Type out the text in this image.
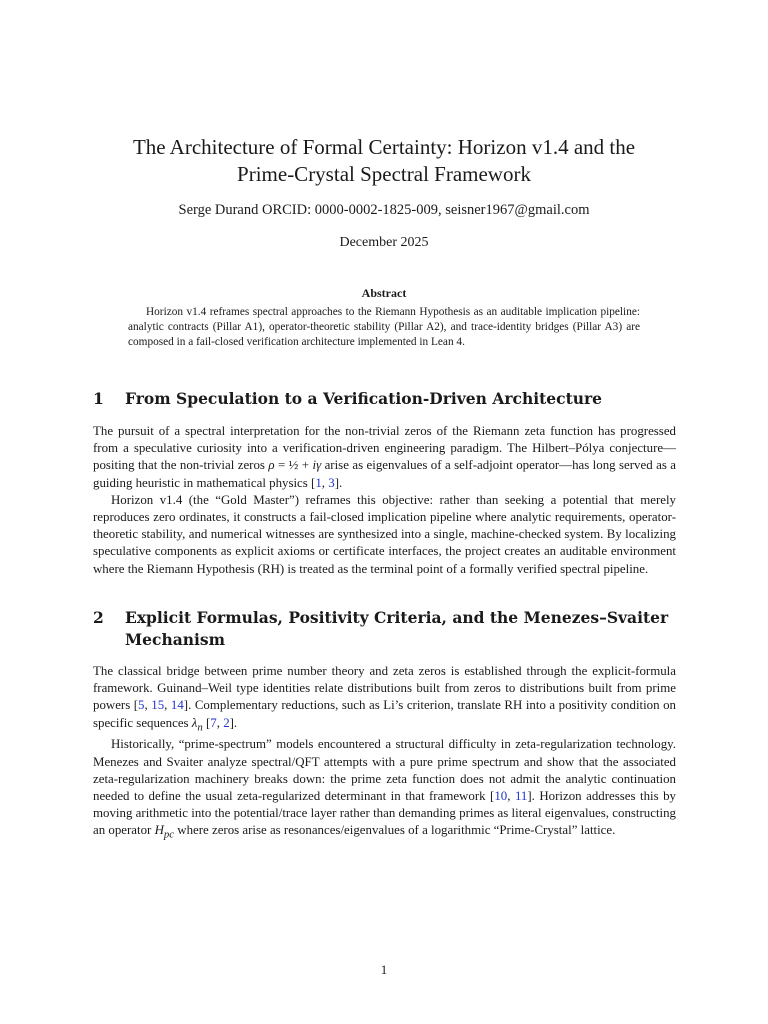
The Architecture of Formal Certainty: Horizon v1.4 and the
Prime-Crystal Spectral Framework
Serge Durand ORCID: 0000-0002-1825-009, seisner1967@gmail.com
December 2025
Abstract
Horizon v1.4 reframes spectral approaches to the Riemann Hypothesis as an auditable implication pipeline: analytic contracts (Pillar A1), operator-theoretic stability (Pillar A2), and trace-identity bridges (Pillar A3) are composed in a fail-closed verification architecture implemented in Lean 4.
1 From Speculation to a Verification-Driven Architecture

The pursuit of a spectral interpretation for the non-trivial zeros of the Riemann zeta function has progressed from a speculative curiosity into a verification-driven engineering paradigm. The Hilbert–Pólya conjecture—positing that the non-trivial zeros ρ = ½ + iγ arise as eigenvalues of a self-adjoint operator—has long served as a guiding heuristic in mathematical physics [1, 3].

Horizon v1.4 (the “Gold Master”) reframes this objective: rather than seeking a potential that merely reproduces zero ordinates, it constructs a fail-closed implication pipeline where analytic requirements, operator-theoretic stability, and numerical witnesses are synthesized into a single, machine-checked system. By localizing speculative components as explicit axioms or certificate interfaces, the project creates an auditable environment where the Riemann Hypothesis (RH) is treated as the terminal point of a formally verified spectral pipeline.

2 Explicit Formulas, Positivity Criteria, and the Menezes–Svaiter Mechanism

The classical bridge between prime number theory and zeta zeros is established through the explicit-formula framework. Guinand–Weil type identities relate distributions built from zeros to distributions built from prime powers [5, 15, 14]. Complementary reductions, such as Li’s criterion, translate RH into a positivity condition on specific sequences $\lambda_n$ [7, 2].

Historically, “prime-spectrum” models encountered a structural difficulty in zeta-regularization technology. Menezes and Svaiter analyze spectral/QFT attempts with a pure prime spectrum and show that the associated zeta-regularization machinery breaks down: the prime zeta function does not admit the analytic continuation needed to define the usual zeta-regularized determinant in that framework [10, 11]. Horizon addresses this by moving arithmetic into the potential/trace layer rather than demanding primes as literal eigenvalues, constructing an operator $H_{pc}$ where zeros arise as resonances/eigenvalues of a logarithmic “Prime-Crystal” lattice.

1
